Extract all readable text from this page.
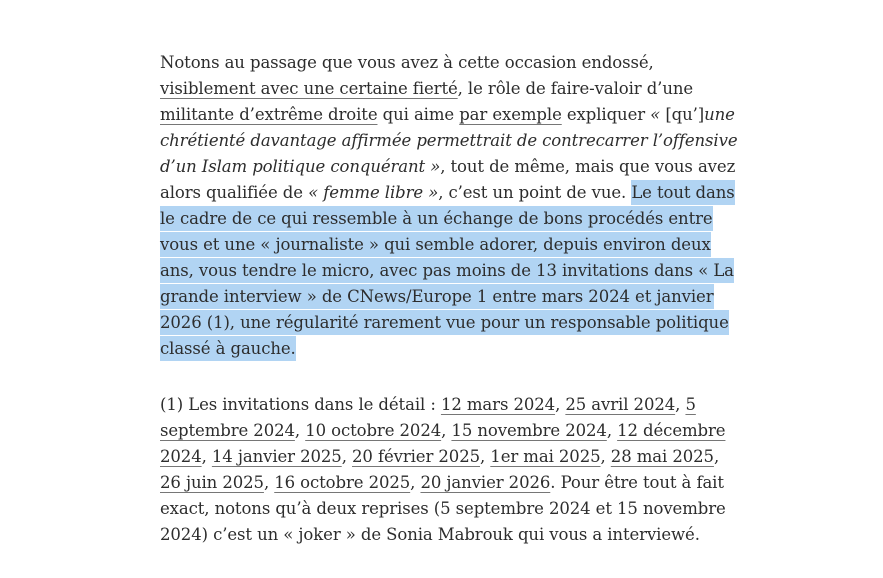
Notons au passage que vous avez à cette occasion endossé, visiblement avec une certaine fierté, le rôle de faire-valoir d’une militante d’extrême droite qui aime par exemple expliquer « [qu’]une chrétienté davantage affirmée permettrait de contrecarrer l’offensive d’un Islam politique conquérant », tout de même, mais que vous avez alors qualifiée de « femme libre », c’est un point de vue. Le tout dans le cadre de ce qui ressemble à un échange de bons procédés entre vous et une « journaliste » qui semble adorer, depuis environ deux ans, vous tendre le micro, avec pas moins de 13 invitations dans « La grande interview » de CNews/Europe 1 entre mars 2024 et janvier 2026 (1), une régularité rarement vue pour un responsable politique classé à gauche.

(1) Les invitations dans le détail : 12 mars 2024, 25 avril 2024, 5 septembre 2024, 10 octobre 2024, 15 novembre 2024, 12 décembre 2024, 14 janvier 2025, 20 février 2025, 1er mai 2025, 28 mai 2025, 26 juin 2025, 16 octobre 2025, 20 janvier 2026. Pour être tout à fait exact, notons qu’à deux reprises (5 septembre 2024 et 15 novembre 2024) c’est un « joker » de Sonia Mabrouk qui vous a interviewé.
